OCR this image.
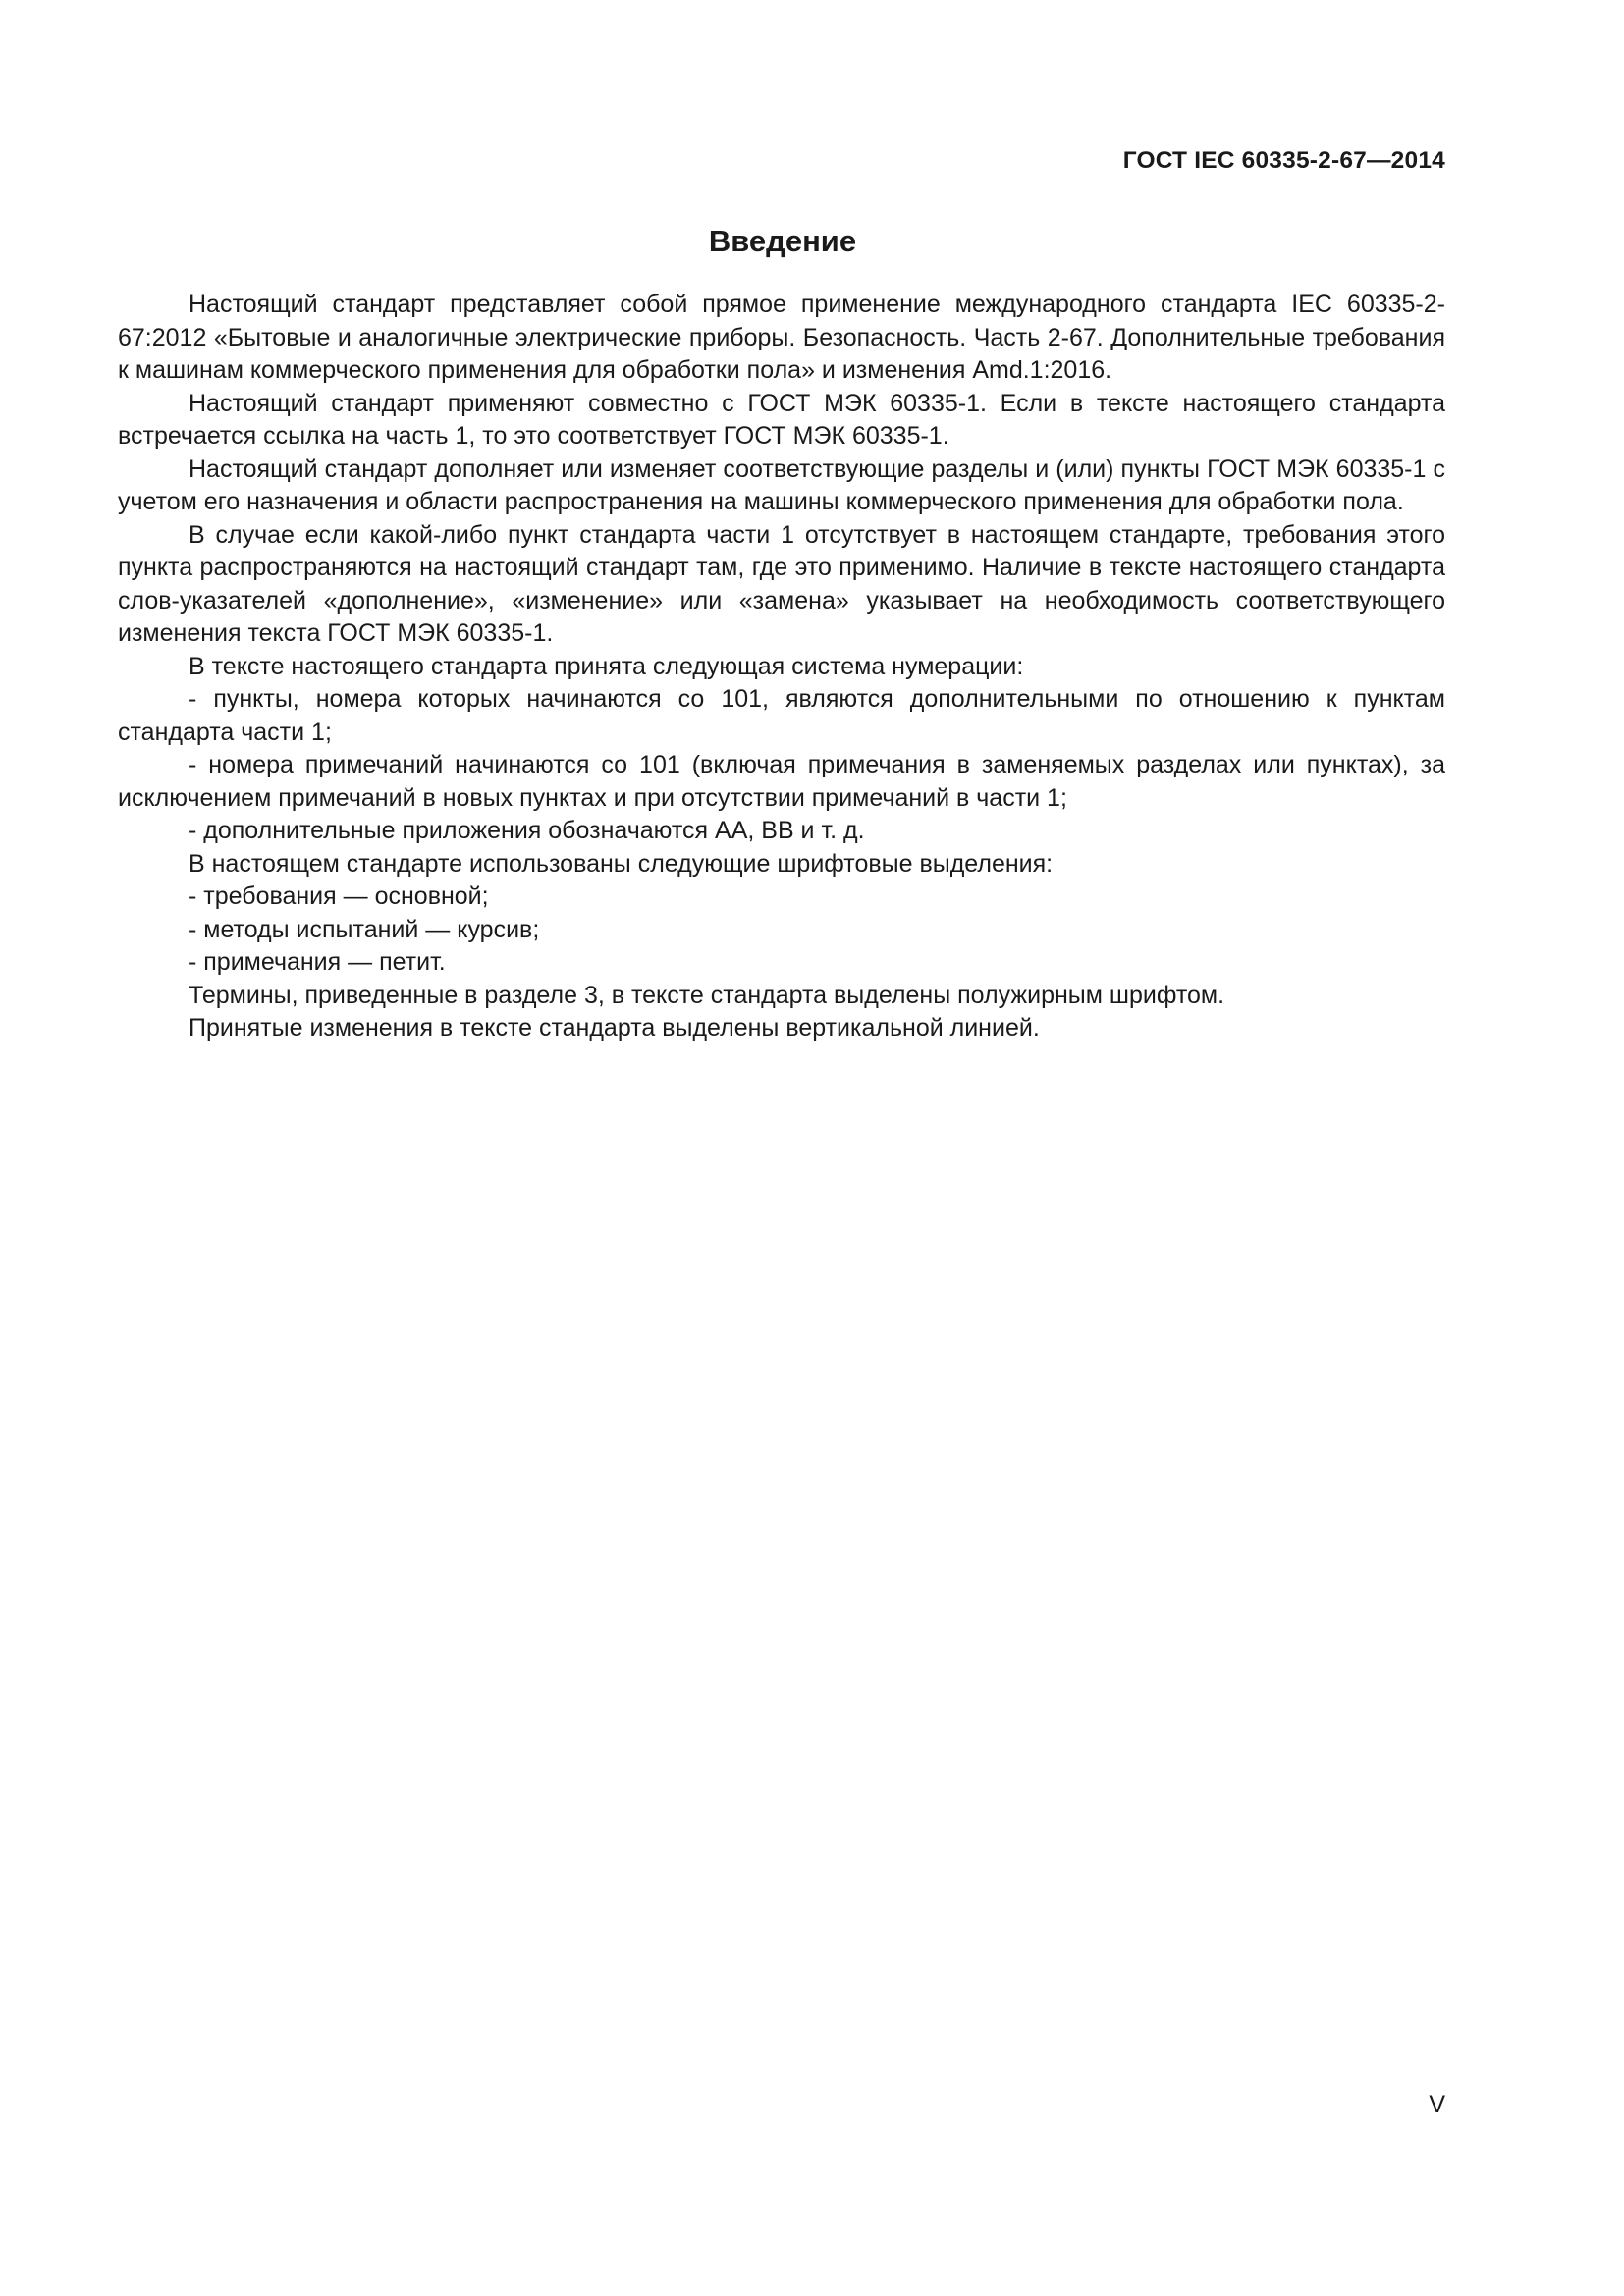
ГОСТ IEC 60335-2-67—2014
Введение

Настоящий стандарт представляет собой прямое применение международного стандарта IEC 60335-2-67:2012 «Бытовые и аналогичные электрические приборы. Безопасность. Часть 2-67. Дополнительные требования к машинам коммерческого применения для обработки пола» и изменения Amd.1:2016.

Настоящий стандарт применяют совместно с ГОСТ МЭК 60335-1. Если в тексте настоящего стандарта встречается ссылка на часть 1, то это соответствует ГОСТ МЭК 60335-1.

Настоящий стандарт дополняет или изменяет соответствующие разделы и (или) пункты ГОСТ МЭК 60335-1 с учетом его назначения и области распространения на машины коммерческого применения для обработки пола.

В случае если какой-либо пункт стандарта части 1 отсутствует в настоящем стандарте, требования этого пункта распространяются на настоящий стандарт там, где это применимо. Наличие в тексте настоящего стандарта слов-указателей «дополнение», «изменение» или «замена» указывает на необходимость соответствующего изменения текста ГОСТ МЭК 60335-1.

В тексте настоящего стандарта принята следующая система нумерации:

- пункты, номера которых начинаются со 101, являются дополнительными по отношению к пунктам стандарта части 1;

- номера примечаний начинаются со 101 (включая примечания в заменяемых разделах или пунктах), за исключением примечаний в новых пунктах и при отсутствии примечаний в части 1;

- дополнительные приложения обозначаются АА, ВВ и т. д.

В настоящем стандарте использованы следующие шрифтовые выделения:

- требования — основной;

- методы испытаний — курсив;

- примечания — петит.

Термины, приведенные в разделе 3, в тексте стандарта выделены полужирным шрифтом.

Принятые изменения в тексте стандарта выделены вертикальной линией.

V
